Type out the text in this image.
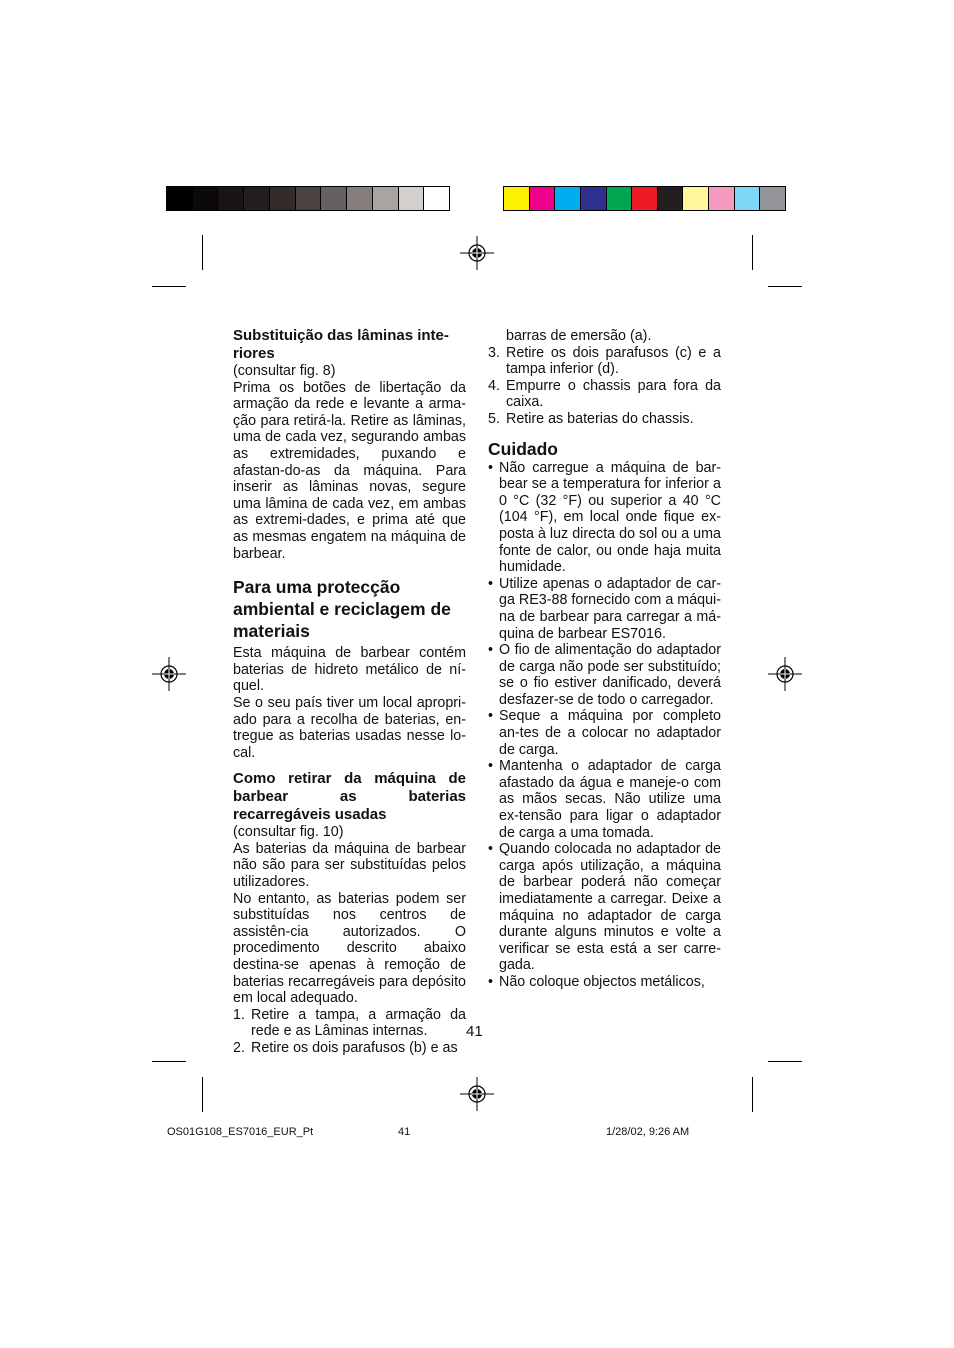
Substituição das lâminas inte-riores

(consultar fig. 8)

Prima os botões de libertação da armação da rede e levante a arma-ção para retirá-la. Retire as lâminas, uma de cada vez, segurando ambas as extremidades, puxando e afastan-do-as da máquina. Para inserir as lâminas novas, segure uma lâmina de cada vez, em ambas as extremi-dades, e prima até que as mesmas engatem na máquina de barbear.

Para uma protecção ambiental e reciclagem de materiais

Esta máquina de barbear contém baterias de hidreto metálico de ní-quel.

Se o seu país tiver um local apropri-ado para a recolha de baterias, en-tregue as baterias usadas nesse lo-cal.

Como retirar da máquina de barbear as baterias recarregáveis usadas

(consultar fig. 10)

As baterias da máquina de barbear não são para ser substituídas pelos utilizadores.

No entanto, as baterias podem ser substituídas nos centros de assistên-cia autorizados. O procedimento descrito abaixo destina-se apenas à remoção de baterias recarregáveis para depósito em local adequado.

1. Retire a tampa, a armação da rede e as Lâminas internas.
2. Retire os dois parafusos (b) e as

barras de emersão (a).

3. Retire os dois parafusos (c) e a tampa inferior (d).
4. Empurre o chassis para fora da caixa.
5. Retire as baterias do chassis.
Cuidado
• Não carregue a máquina de bar-bear se a temperatura for inferior a 0 °C (32 °F) ou superior a 40 °C (104 °F), em local onde fique ex-posta à luz directa do sol ou a uma fonte de calor, ou onde haja muita humidade.
• Utilize apenas o adaptador de car-ga RE3-88 fornecido com a máqui-na de barbear para carregar a má-quina de barbear ES7016.
• O fio de alimentação do adaptador de carga não pode ser substituído; se o fio estiver danificado, deverá desfazer-se de todo o carregador.
• Seque a máquina por completo an-tes de a colocar no adaptador de carga.
• Mantenha o adaptador de carga afastado da água e maneje-o com as mãos secas. Não utilize uma ex-tensão para ligar o adaptador de carga a uma tomada.
• Quando colocada no adaptador de carga após utilização, a máquina de barbear poderá não começar imediatamente a carregar. Deixe a máquina no adaptador de carga durante alguns minutos e volte a verificar se esta está a ser carre-gada.
• Não coloque objectos metálicos,
41
OS01G108_ES7016_EUR_Pt	41	1/28/02, 9:26 AM
